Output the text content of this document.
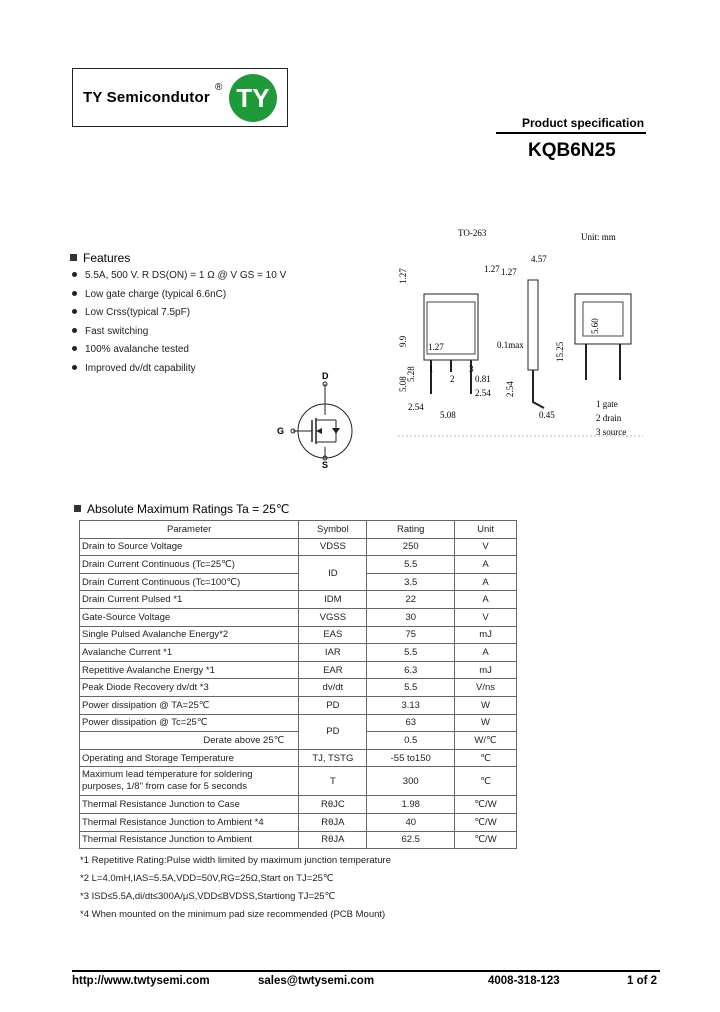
TY Semicondutor
® TY
Product specification
KQB6N25
Features
5.5A, 500 V. R DS(ON) = 1 Ω @ V GS = 10 V
Low gate charge (typical 6.6nC)
Low Crss(typical 7.5pF)
Fast switching
100% avalanche tested
Improved dv/dt capability
D
G
S
TO-263	Unit: mm
1
2
3
1.27
4.57
1.27
9.9 1.27	0.1max	15.25
5.08
2.54
0.81
2.54
5.08
2.54
0.45
5.60
1.27
5.28
1 gate
2 drain
3 source
Absolute Maximum Ratings Ta = 25℃
Parameter	Symbol	Rating	Unit
Drain to Source Voltage	VDSS	250	V
Drain Current Continuous (Tc=25℃)	ID	5.5	A
Drain Current Continuous (Tc=100℃)		3.5	A
Drain Current Pulsed *1	IDM	22	A
Gate-Source Voltage	VGSS	30	V
Single Pulsed Avalanche Energy*2	EAS	75	mJ
Avalanche Current *1	IAR	5.5	A
Repetitive Avalanche Energy *1	EAR	6.3	mJ
Peak Diode Recovery dv/dt *3	dv/dt	5.5	V/ns
Power dissipation @ TA=25℃	PD	3.13	W
Power dissipation @ Tc=25℃	PD	63	W
Derate above 25℃		0.5	W/℃
Operating and Storage Temperature	TJ, TSTG	-55 to150	℃
Maximum lead temperature for soldering purposes, 1/8" from case for 5 seconds	T	300	℃
Thermal Resistance Junction to Case	RθJC	1.98	℃/W
Thermal Resistance Junction to Ambient *4	RθJA	40	℃/W
Thermal Resistance Junction to Ambient	RθJA	62.5	℃/W
*1 Repetitive Rating:Pulse width limited by maximum junction temperature
*2 L=4.0mH,IAS=5.5A,VDD=50V,RG=25Ω,Start on TJ=25℃
*3 ISD≤5.5A,di/dt≤300A/μS,VDD≤BVDSS,Startiong TJ=25℃
*4 When mounted on the minimum pad size recommended (PCB Mount)
http://www.twtysemi.com	sales@twtysemi.com	4008-318-123	1 of 2
